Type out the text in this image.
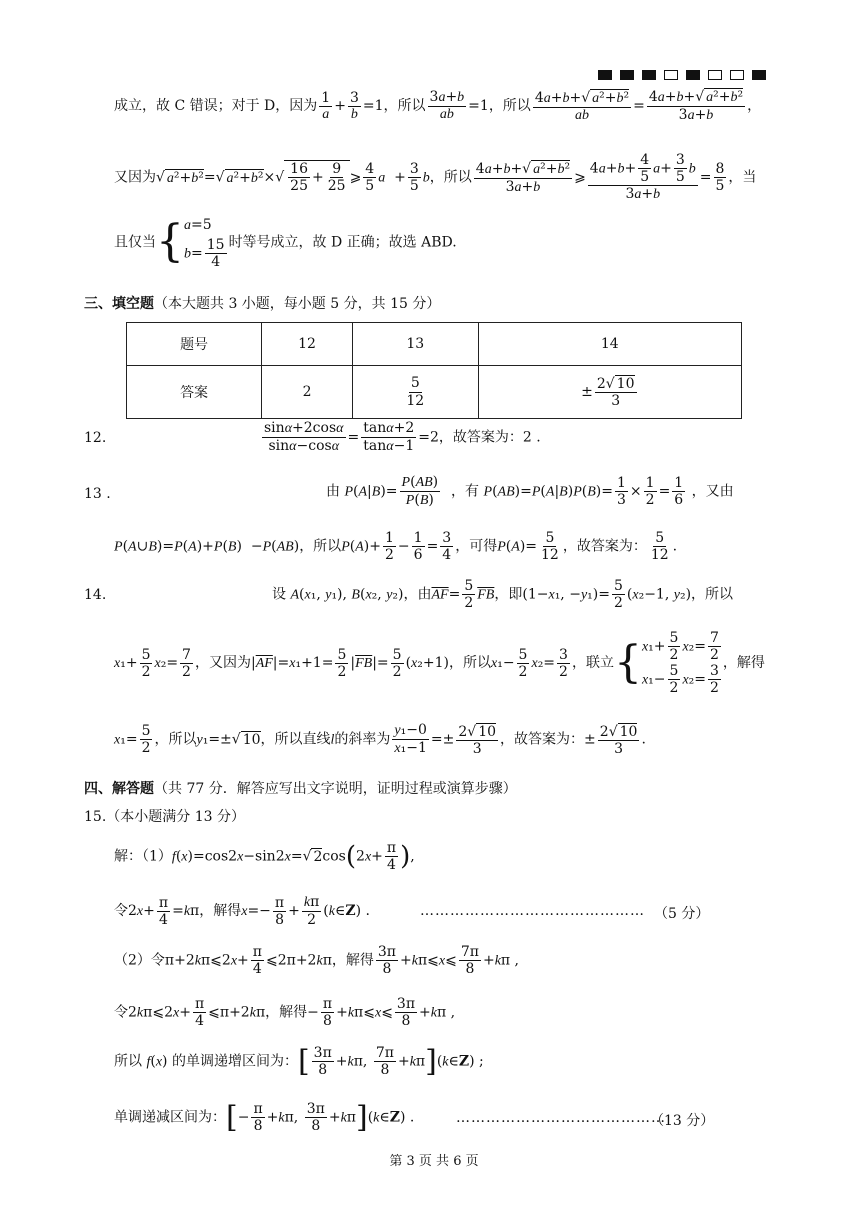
成立，故 C 错误；对于 D，因为 $\frac{1}{a} + \frac{3}{b} =1$，所以 $\frac{3a+b}{ab} =1$，所以 $\frac{\text{4a+b+√ a²+b²}}{ab} = \frac{\text{4a+b+√ a²+b²}}{3a+b}$ ，
又因为√ a²+b²=√ $a^2+b^2\times√ \frac{16}{25} + \frac{9}{25}$ ⩾ $\frac{4}{5}$ $a + \frac{3}{5}$ b，所以 $\frac{\text{4a+b+√ a²+b²}}{3a+b}$ ⩾ $\frac{4a+b+ \frac{4}{5} a+ \frac{3}{5} b}{3a+b} = \frac{8}{5}$ ，当
且仅当{ a=5
$b= \frac{15}{4}$ 时等号成立，故 D 正确；故选 ABD.
三、填空题（本大题共 3 小题，每小题 5 分，共 15 分）
题号	12	13	14
答案	2	$\frac{5}{12}$	± $\frac{2√ 10}{3}$
12.	$\frac{\sin\alpha+2\cos\alpha}{\sin\alpha-\cos\alpha} = \frac{\tan\alpha+2}{\tan\alpha-1} =2$，故答案为：2 .
13 .	由 $P(A|B)= \frac{P(AB)}{P(B)}$ ，有 $P(AB)=P(A|B)P(B)= \frac{1}{3} \times \frac{1}{2} = \frac{1}{6}$ ，又由
P(A∪B)=P(A)+P(B)  −P(AB)，所以$P(A)+ \frac{1}{2} - \frac{1}{6} = \frac{3}{4}$ ，可得$P(A)= \frac{5}{12}$ ，故答案为： $\frac{5}{12}$ .
14.	设 A(x₁, y₁), B(x₂, y₂)，由$\overline{AF}= \frac{5}{2} \overline{FB}$，即(1−x₁, $-y_1)= \frac{5}{2} (x_2-1$, y₂)，所以
$x_1+ \frac{5}{2} x_2= \frac{7}{2}$ ，又因为$|\overline{AF}|=x_1+1= \frac{5}{2} |\overline{FB}|= \frac{5}{2} (x_2+1)$，所以$x_1- \frac{5}{2} x_2= \frac{3}{2}$ ，联立{ $x_1+ \frac{5}{2} x_2= \frac{7}{2}$
$x_1- \frac{5}{2} x_2= \frac{3}{2}$ ，解得
$x_1= \frac{5}{2}$ ，所以y₁=±√ 10，所以直线l的斜率为 $\frac{\text{y₁−0}}{\text{x₁−1}} =\pm \frac{2√ 10}{3}$ ，故答案为：± $\frac{2√ 10}{3}$ .
四、解答题（共 77 分．解答应写出文字说明，证明过程或演算步骤）
15.（本小题满分 13 分）
解：（1）f(x)=cos2x−sin2x=√ $2\cos(2x+ \frac{\pi}{4}$ ),
令$2x+ \frac{\pi}{4} =k\pi$，解得$x=- \frac{\pi}{8} + \frac{k\pi}{2}$ (k∈Z) .	……………………………………… （5 分）
（2）令π+2kπ⩽2x+ $\frac{\pi}{4}$ ⩽2π+2kπ，解得 $\frac{3\pi}{8}$ +kπ⩽x⩽ $\frac{7\pi}{8} +k\pi$ ,
令2kπ⩽2x+ $\frac{\pi}{4}$ ⩽π+2kπ，解得− $\frac{\pi}{8}$ +kπ⩽x⩽ $\frac{3\pi}{8} +k\pi$ ,
所以 f(x) 的单调递增区间为：[ $\frac{3\pi}{8} +k\pi$, $\frac{7\pi}{8}$ +kπ](k∈Z) ;
单调递减区间为：[− $\frac{\pi}{8} +k\pi$, $\frac{3\pi}{8}$ +kπ](k∈Z) .	……………………………………
（13 分）
第 3 页 共 6 页
